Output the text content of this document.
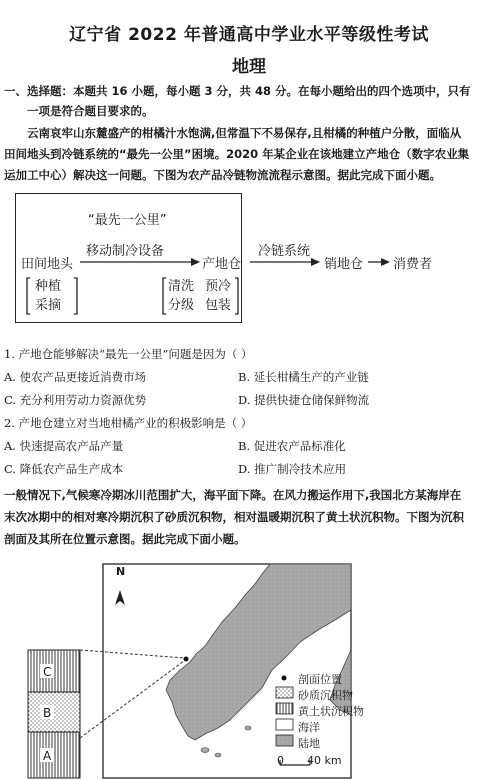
辽宁省 2022 年普通高中学业水平等级性考试
地理
一、选择题：本题共 16 小题，每小题 3 分，共 48 分。在每小题给出的四个选项中，只有
一项是符合题目要求的。
云南哀牢山东麓盛产的柑橘汁水饱满,但常温下不易保存,且柑橘的种植户分散，面临从
田间地头到冷链系统的“最先一公里”困境。2020 年某企业在该地建立产地仓（数字农业集
运加工中心）解决这一问题。下图为农产品冷链物流流程示意图。据此完成下面小题。
“最先一公里”
移动制冷设备
田间地头	产地仓
冷链系统
销地仓 消费者
种植
采摘
清洗 预冷
分级 包装
1. 产地仓能够解决“最先一公里”问题是因为（ ）
A. 使农产品更接近消费市场	B. 延长柑橘生产的产业链
C. 充分利用劳动力资源优势	D. 提供快捷仓储保鲜物流
2. 产地仓建立对当地柑橘产业的积极影响是（ ）
A. 快速提高农产品产量	B. 促进农产品标准化
C. 降低农产品生产成本	D. 推广制冷技术应用
一般情况下,气候寒冷期冰川范围扩大，海平面下降。在风力搬运作用下,我国北方某海岸在
末次冰期中的相对寒冷期沉积了砂质沉积物，相对温暖期沉积了黄土状沉积物。下图为沉积
剖面及其所在位置示意图。据此完成下面小题。
N
C
B
A
剖面位置
砂质沉积物
黄土状沉积物
海洋
陆地
0 40 km
